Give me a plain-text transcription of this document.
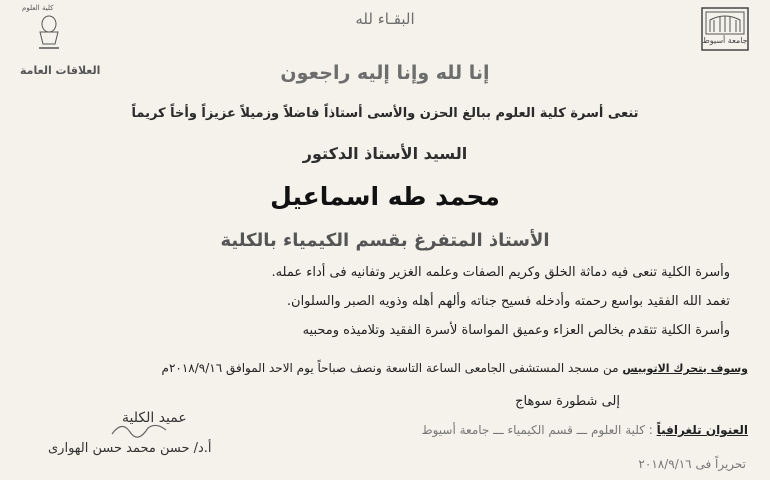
جامعة أسيوط
كلية العلوم
البقـاء لله
العلاقات العامة	إنا لله وإنا إليه راجعون
تنعى أسرة كلية العلوم ببالغ الحزن والأسى أستاذاً فاضلاً وزميلاً عزيزاً وأخاً كريماً
السيد الأستاذ الدكتور
محمد طه اسماعيل
الأستاذ المتفرغ بقسم الكيمياء بالكلية
وأسرة الكلية تنعى فيه دماثة الخلق وكريم الصفات وعلمه الغزير وتفانيه فى أداء عمله.
تغمد الله الفقيد بواسع رحمته وأدخله فسيح جناته وألهم أهله وذويه الصبر والسلوان.
وأسرة الكلية تتقدم بخالص العزاء وعميق المواساة لأسرة الفقيد وتلاميذه ومحبيه
وسوف يتحرك الاتوبيس من مسجد المستشفى الجامعى الساعة التاسعة ونصف صباحاً يوم الاحد الموافق ٢٠١٨/٩/١٦م
إلى شطورة سوهاج
عميد الكلية
أ.د/ حسن محمد حسن الهوارى
العنوان تلغرافياً : كلية العلوم ـــ قسم الكيمياء ـــ جامعة أسيوط
تحريراً فى ٢٠١٨/٩/١٦
